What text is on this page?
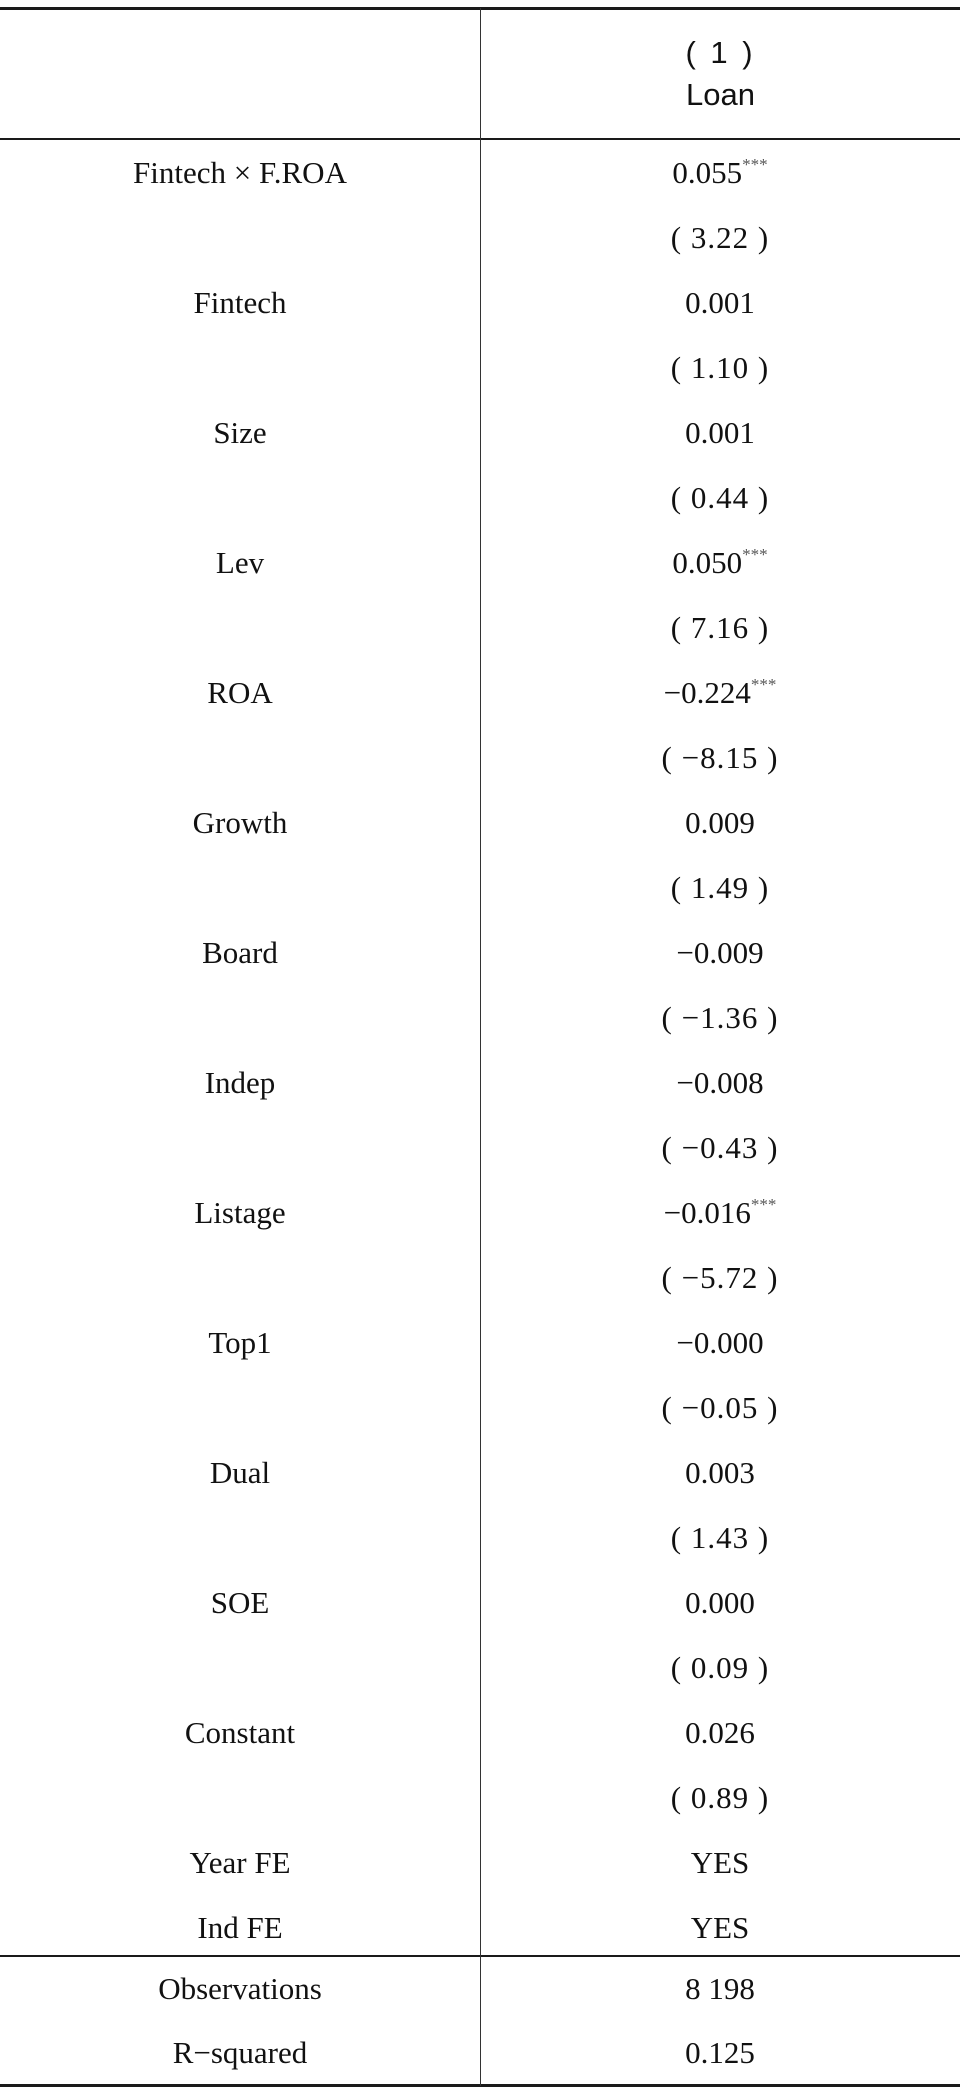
( 1 )
Loan
Fintech × F.ROA	0.055***
( 3.22 )
Fintech	0.001
( 1.10 )
Size	0.001
( 0.44 )
Lev	0.050***
( 7.16 )
ROA	−0.224***
( −8.15 )
Growth	0.009
( 1.49 )
Board	−0.009
( −1.36 )
Indep	−0.008
( −0.43 )
Listage	−0.016***
( −5.72 )
Top1	−0.000
( −0.05 )
Dual	0.003
( 1.43 )
SOE	0.000
( 0.09 )
Constant	0.026
( 0.89 )
Year FE	YES
Ind FE	YES
Observations	8 198
R−squared	0.125
